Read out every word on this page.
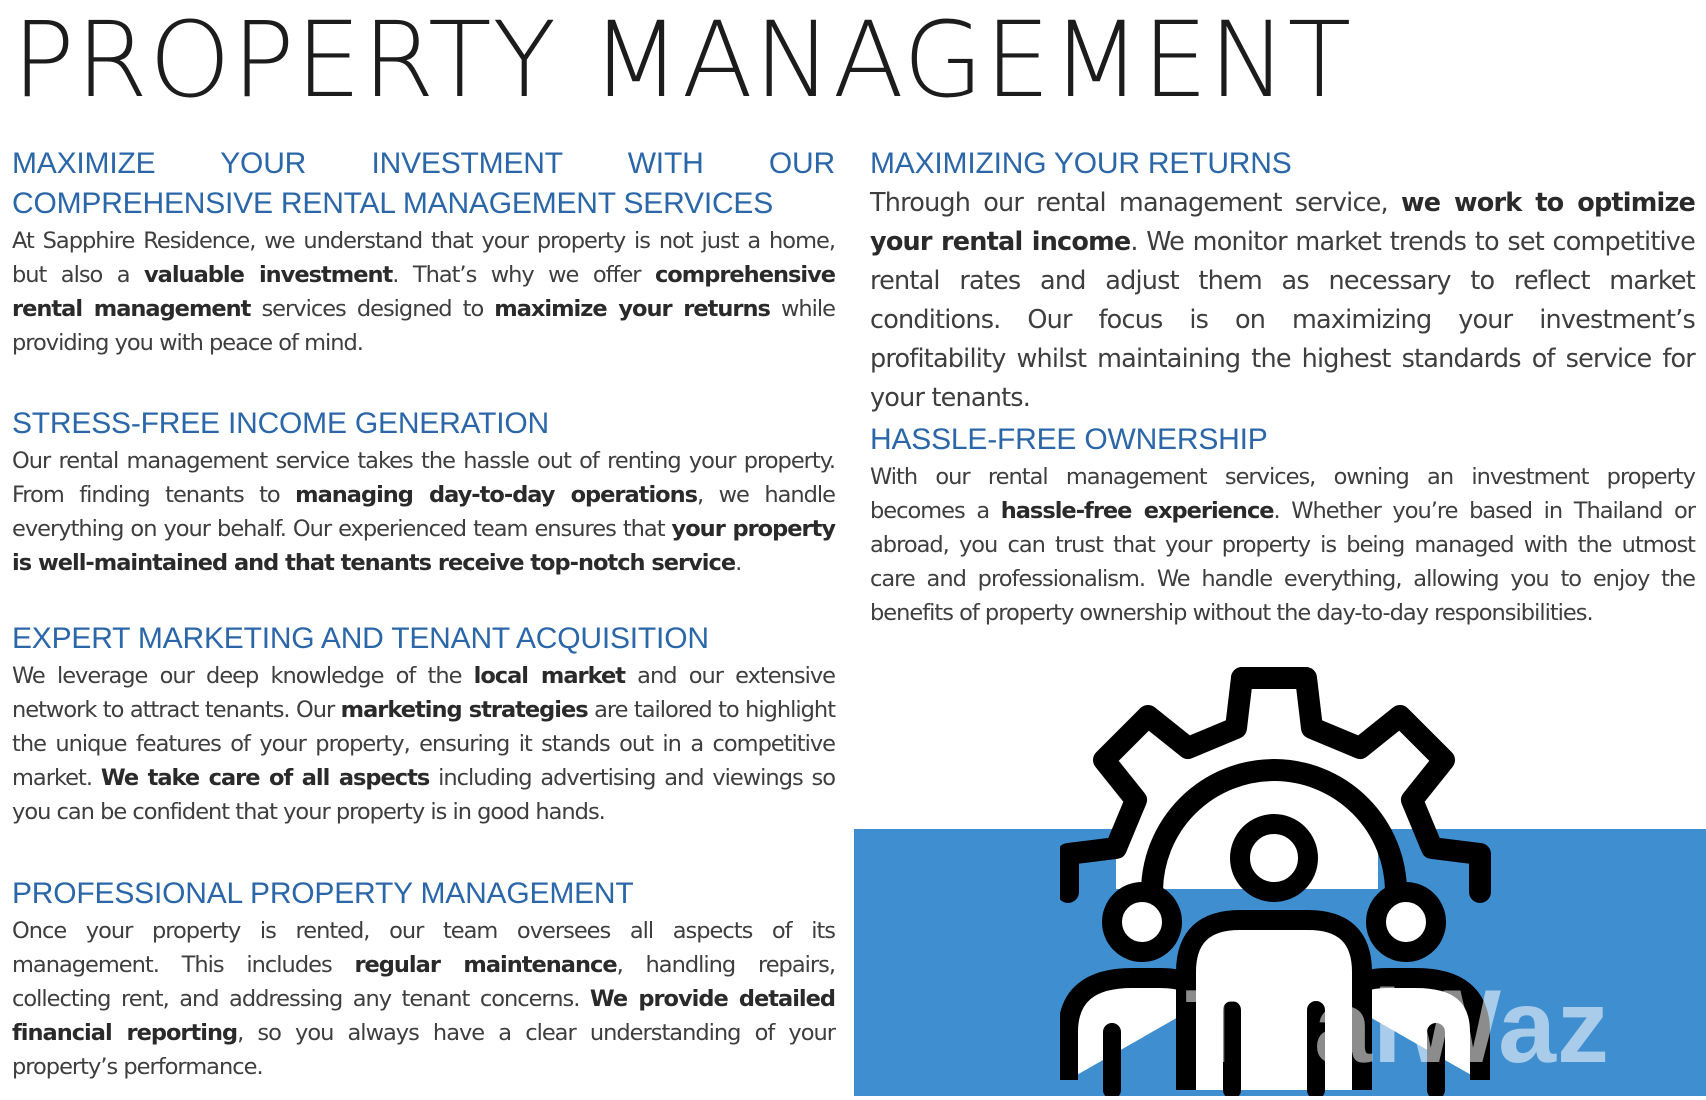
PROPERTY MANAGEMENT
MAXIMIZE YOUR INVESTMENT WITH OUR COMPREHENSIVE RENTAL MANAGEMENT SERVICES

At Sapphire Residence, we understand that your property is not just a home, but also a valuable investment. That’s why we offer comprehensive rental management services designed to maximize your returns while providing you with peace of mind.

STRESS-FREE INCOME GENERATION

Our rental management service takes the hassle out of renting your property. From finding tenants to managing day-to-day operations, we handle everything on your behalf. Our experienced team ensures that your property is well-maintained and that tenants receive top-notch service.

EXPERT MARKETING AND TENANT ACQUISITION

We leverage our deep knowledge of the local market and our extensive network to attract tenants. Our marketing strategies are tailored to highlight the unique features of your property, ensuring it stands out in a competitive market. We take care of all aspects including advertising and viewings so you can be confident that your property is in good hands.

PROFESSIONAL PROPERTY MANAGEMENT

Once your property is rented, our team oversees all aspects of its management. This includes regular maintenance, handling repairs, collecting rent, and addressing any tenant concerns. We provide detailed financial reporting, so you always have a clear understanding of your property’s performance.

MAXIMIZING YOUR RETURNS

Through our rental management service, we work to optimize your rental income. We monitor market trends to set competitive rental rates and adjust them as necessary to reflect market conditions. Our focus is on maximizing your investment’s profitability whilst maintaining the highest standards of service for your tenants.

HASSLE-FREE OWNERSHIP

With our rental management services, owning an investment property becomes a hassle-free experience. Whether you’re based in Thailand or abroad, you can trust that your property is being managed with the utmost care and professionalism. We handle everything, allowing you to enjoy the benefits of property ownership without the day-to-day responsibilities.

ThaiWaz
